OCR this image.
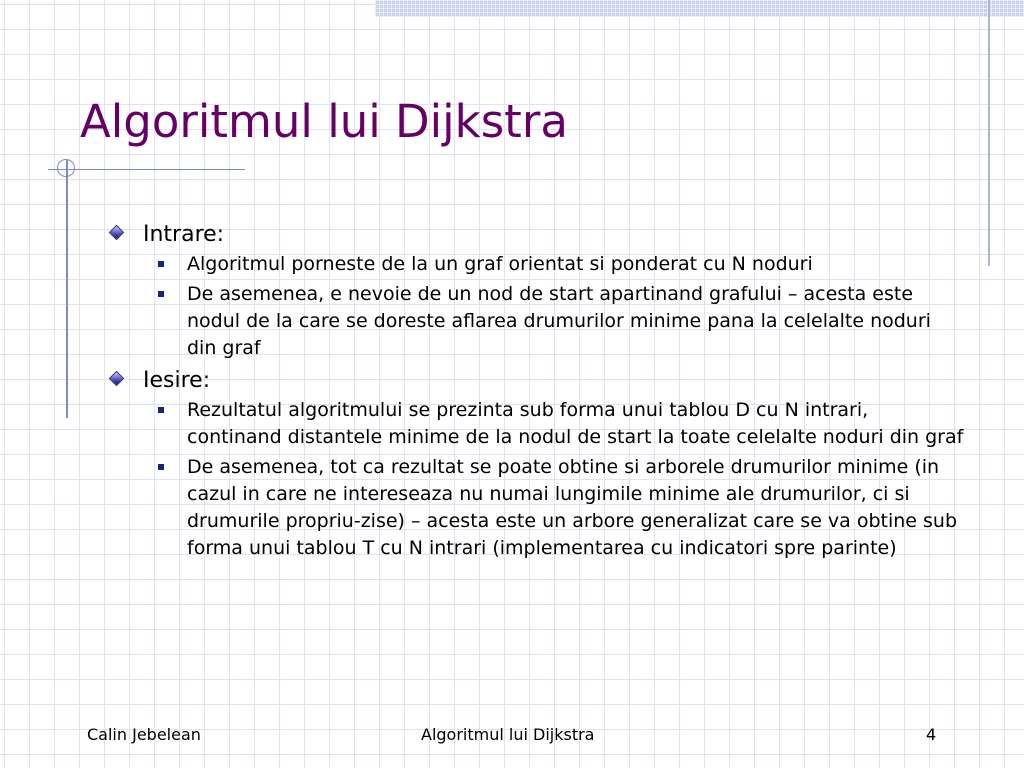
Algoritmul lui Dijkstra
Intrare:
Algoritmul porneste de la un graf orientat si ponderat cu N noduri
De asemenea, e nevoie de un nod de start apartinand grafului – acesta este nodul de la care se doreste aflarea drumurilor minime pana la celelalte noduri din graf
Iesire:
Rezultatul algoritmului se prezinta sub forma unui tablou D cu N intrari, continand distantele minime de la nodul de start la toate celelalte noduri din graf
De asemenea, tot ca rezultat se poate obtine si arborele drumurilor minime (in cazul in care ne intereseaza nu numai lungimile minime ale drumurilor, ci si drumurile propriu-zise) – acesta este un arbore generalizat care se va obtine sub forma unui tablou T cu N intrari (implementarea cu indicatori spre parinte)
Calin Jebelean	Algoritmul lui Dijkstra	4
